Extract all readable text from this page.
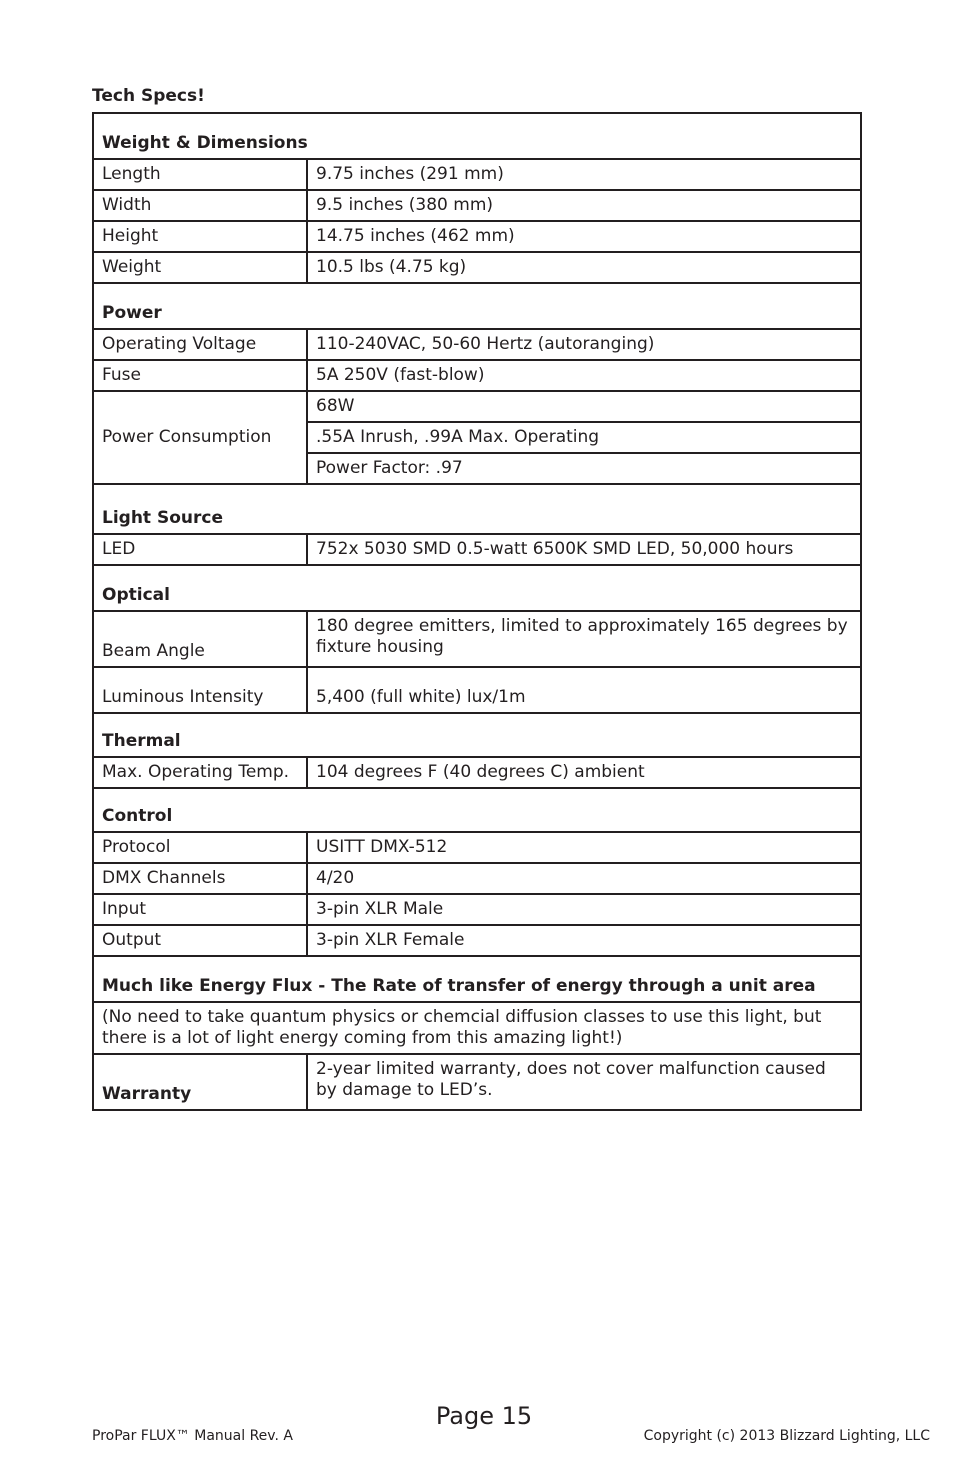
Tech Specs!
Weight & Dimensions	
Length	9.75 inches (291 mm)
Width	9.5 inches (380 mm)
Height	14.75 inches (462 mm)
Weight	10.5 lbs (4.75 kg)
Power	
Operating Voltage	110-240VAC, 50-60 Hertz (autoranging)
Fuse	5A 250V (fast-blow)
Power Consumption	68W
	.55A Inrush, .99A Max. Operating
	Power Factor: .97
Light Source	
LED	752x 5030 SMD 0.5-watt 6500K SMD LED, 50,000 hours
Optical	
Beam Angle	180 degree emitters, limited to approximately 165 degrees by fixture housing
Luminous Intensity	5,400 (full white) lux/1m
Thermal	
Max. Operating Temp.	104 degrees F (40 degrees C) ambient
Control	
Protocol	USITT DMX-512
DMX Channels	4/20
Input	3-pin XLR Male
Output	3-pin XLR Female
Much like Energy Flux - The Rate of transfer of energy through a unit area	
(No need to take quantum physics or chemcial diffusion classes to use this light, but there is a lot of light energy coming from this amazing light!)	
Warranty	2-year limited warranty, does not cover malfunction caused by damage to LED’s.
Page 15
ProPar FLUX™ Manual Rev. A	Copyright (c) 2013 Blizzard Lighting, LLC
